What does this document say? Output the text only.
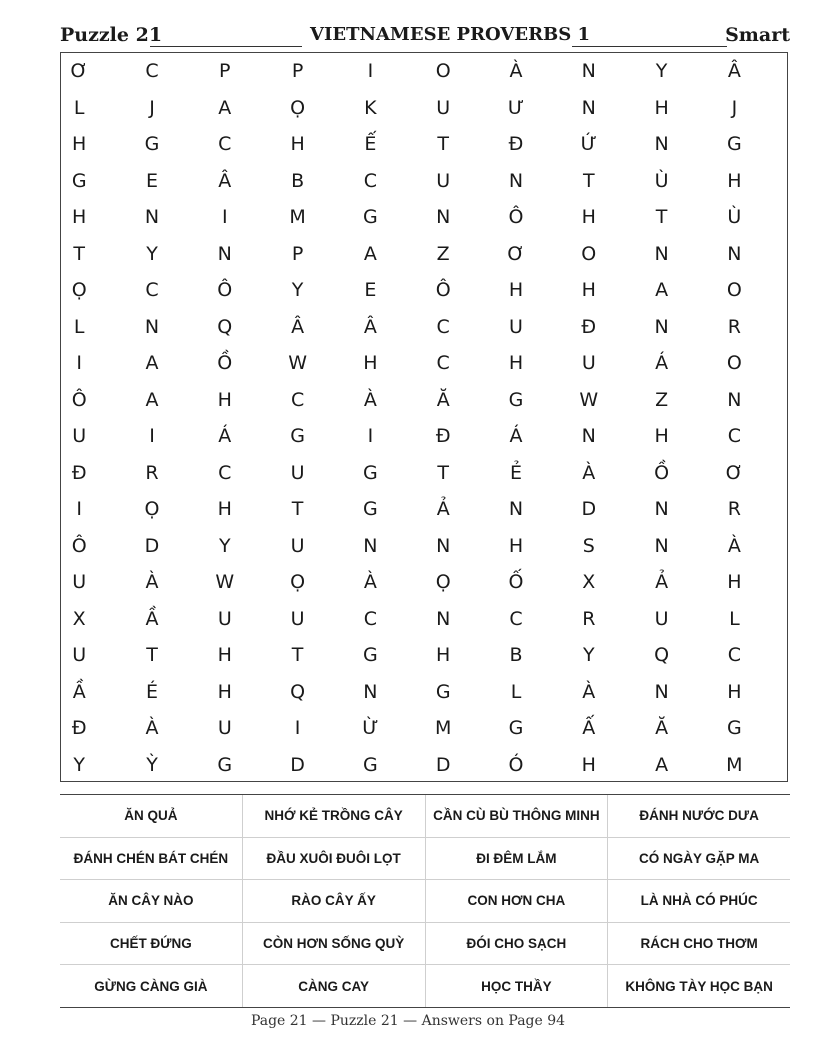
Puzzle 21	VIETNAMESE PROVERBS 1	Smart
Ơ	C	P	P	I	O	À	N	Y	Â
L	J	A	Ọ	K	U	Ư	N	H	J
H	G	C	H	Ế	T	Đ	Ứ	N	G
G	E	Â	B	C	U	N	T	Ù	H
H	N	I	M	G	N	Ô	H	T	Ù
T	Y	N	P	A	Z	Ơ	O	N	N
Ọ	C	Ô	Y	E	Ô	H	H	A	O
L	N	Q	Â	Â	C	U	Đ	N	R
I	A	Ồ	W	H	C	H	U	Á	O
Ô	A	H	C	À	Ă	G	W	Z	N
U	I	Á	G	I	Đ	Á	N	H	C
Đ	R	C	U	G	T	Ẻ	À	Ồ	Ơ
I	Ọ	H	T	G	Ả	N	D	N	R
Ô	D	Y	U	N	N	H	S	N	À
U	À	W	Ọ	À	Ọ	Ố	X	Ả	H
X	Ầ	U	U	C	N	C	R	U	L
U	T	H	T	G	H	B	Y	Q	C
Ầ	É	H	Q	N	G	L	À	N	H
Đ	À	U	I	Ừ	M	G	Ấ	Ă	G
Y	Ỳ	G	D	G	D	Ó	H	A	M
ĂN QUẢ	NHỚ KẺ TRỒNG CÂY	CẦN CÙ BÙ THÔNG MINH	ĐÁNH NƯỚC DƯA
ĐÁNH CHÉN BÁT CHÉN	ĐẦU XUÔI ĐUÔI LỌT	ĐI ĐÊM LẮM	CÓ NGÀY GẶP MA
ĂN CÂY NÀO	RÀO CÂY ẤY	CON HƠN CHA	LÀ NHÀ CÓ PHÚC
CHẾT ĐỨNG	CÒN HƠN SỐNG QUỲ	ĐÓI CHO SẠCH	RÁCH CHO THƠM
GỪNG CÀNG GIÀ	CÀNG CAY	HỌC THẦY	KHÔNG TÀY HỌC BẠN
Page 21 — Puzzle 21 — Answers on Page 94
